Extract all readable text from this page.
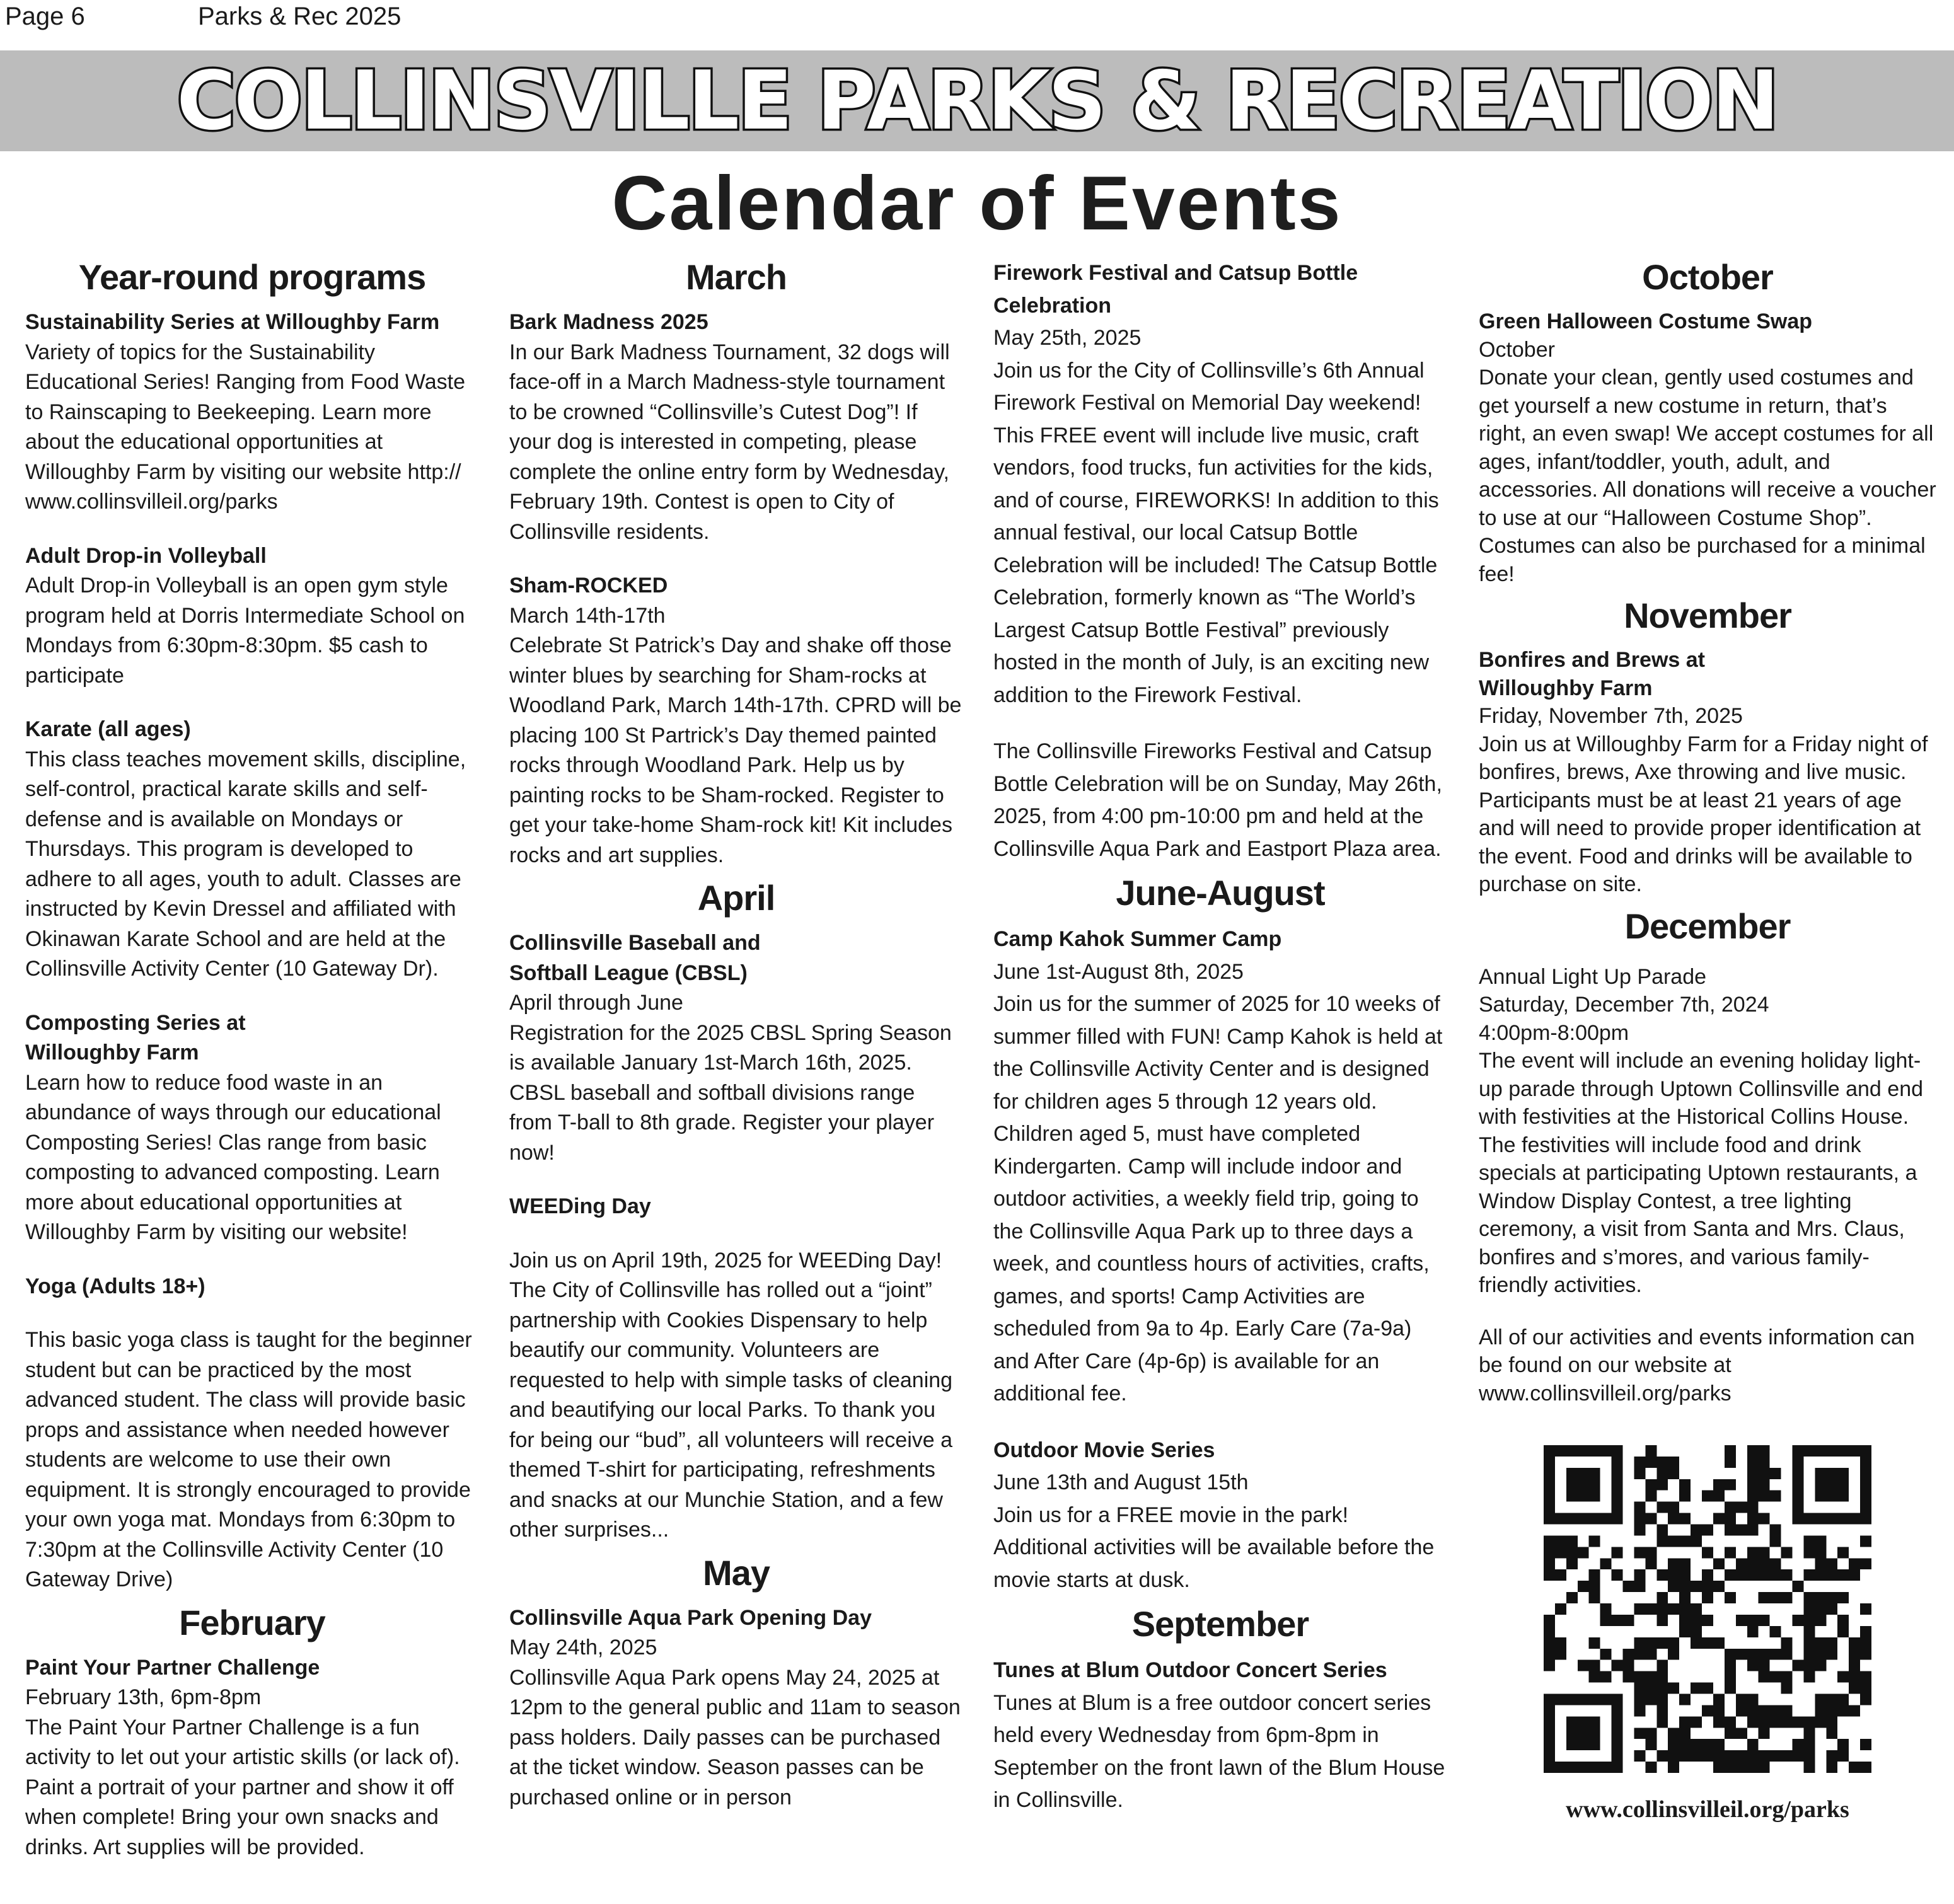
Page 6	Parks & Rec 2025
COLLINSVILLE PARKS & RECREATION
Calendar of Events
Year-round programs
Sustainability Series at Willoughby Farm
Variety of topics for the Sustainability Educational Series! Ranging from Food Waste to Rainscaping to Beekeeping. Learn more about the educational opportunities at Willoughby Farm by visiting our website http:// www.collinsvilleil.org/parks
Adult Drop-in Volleyball
Adult Drop-in Volleyball is an open gym style program held at Dorris Intermediate School on Mondays from 6:30pm-8:30pm. $5 cash to participate
Karate (all ages)
This class teaches movement skills, discipline, self-control, practical karate skills and self-defense and is available on Mondays or Thursdays. This program is developed to adhere to all ages, youth to adult. Classes are instructed by Kevin Dressel and affiliated with Okinawan Karate School and are held at the Collinsville Activity Center (10 Gateway Dr).
Composting Series at Willoughby Farm
Learn how to reduce food waste in an abundance of ways through our educational Composting Series! Clas range from basic composting to advanced composting. Learn more about educational opportunities at Willoughby Farm by visiting our website!
Yoga (Adults 18+)
This basic yoga class is taught for the beginner student but can be practiced by the most advanced student. The class will provide basic props and assistance when needed however students are welcome to use their own equipment. It is strongly encouraged to provide your own yoga mat. Mondays from 6:30pm to 7:30pm at the Collinsville Activity Center (10 Gateway Drive)
February
Paint Your Partner Challenge
February 13th, 6pm-8pm
The Paint Your Partner Challenge is a fun activity to let out your artistic skills (or lack of). Paint a portrait of your partner and show it off when complete! Bring your own snacks and drinks. Art supplies will be provided.
March
Bark Madness 2025
In our Bark Madness Tournament, 32 dogs will face-off in a March Madness-style tournament to be crowned “Collinsville’s Cutest Dog”! If your dog is interested in competing, please complete the online entry form by Wednesday, February 19th. Contest is open to City of Collinsville residents.
Sham-ROCKED
March 14th-17th
Celebrate St Patrick’s Day and shake off those winter blues by searching for Sham-rocks at Woodland Park, March 14th-17th. CPRD will be placing 100 St Partrick’s Day themed painted rocks through Woodland Park. Help us by painting rocks to be Sham-rocked. Register to get your take-home Sham-rock kit! Kit includes rocks and art supplies.
April
Collinsville Baseball and Softball League (CBSL)
April through June
Registration for the 2025 CBSL Spring Season is available January 1st-March 16th, 2025. CBSL baseball and softball divisions range from T-ball to 8th grade. Register your player now!
WEEDing Day
Join us on April 19th, 2025 for WEEDing Day! The City of Collinsville has rolled out a “joint” partnership with Cookies Dispensary to help beautify our community. Volunteers are requested to help with simple tasks of cleaning and beautifying our local Parks. To thank you for being our “bud”, all volunteers will receive a themed T-shirt for participating, refreshments and snacks at our Munchie Station, and a few other surprises...
May
Collinsville Aqua Park Opening Day
May 24th, 2025
Collinsville Aqua Park opens May 24, 2025 at 12pm to the general public and 11am to season pass holders. Daily passes can be purchased at the ticket window. Season passes can be purchased online or in person
Firework Festival and Catsup Bottle Celebration
May 25th, 2025
Join us for the City of Collinsville’s 6th Annual Firework Festival on Memorial Day weekend! This FREE event will include live music, craft vendors, food trucks, fun activities for the kids, and of course, FIREWORKS! In addition to this annual festival, our local Catsup Bottle Celebration will be included! The Catsup Bottle Celebration, formerly known as “The World’s Largest Catsup Bottle Festival” previously hosted in the month of July, is an exciting new addition to the Firework Festival.
The Collinsville Fireworks Festival and Catsup Bottle Celebration will be on Sunday, May 26th, 2025, from 4:00 pm-10:00 pm and held at the Collinsville Aqua Park and Eastport Plaza area.
June-August
Camp Kahok Summer Camp
June 1st-August 8th, 2025
Join us for the summer of 2025 for 10 weeks of summer filled with FUN! Camp Kahok is held at the Collinsville Activity Center and is designed for children ages 5 through 12 years old. Children aged 5, must have completed Kindergarten. Camp will include indoor and outdoor activities, a weekly field trip, going to the Collinsville Aqua Park up to three days a week, and countless hours of activities, crafts, games, and sports! Camp Activities are scheduled from 9a to 4p. Early Care (7a-9a) and After Care (4p-6p) is available for an additional fee.
Outdoor Movie Series
June 13th and August 15th
Join us for a FREE movie in the park! Additional activities will be available before the movie starts at dusk.
September
Tunes at Blum Outdoor Concert Series
Tunes at Blum is a free outdoor concert series held every Wednesday from 6pm-8pm in September on the front lawn of the Blum House in Collinsville.
October
Green Halloween Costume Swap
October
Donate your clean, gently used costumes and get yourself a new costume in return, that’s right, an even swap! We accept costumes for all ages, infant/toddler, youth, adult, and accessories. All donations will receive a voucher to use at our “Halloween Costume Shop”. Costumes can also be purchased for a minimal fee!
November
Bonfires and Brews at Willoughby Farm
Friday, November 7th, 2025
Join us at Willoughby Farm for a Friday night of bonfires, brews, Axe throwing and live music. Participants must be at least 21 years of age and will need to provide proper identification at the event. Food and drinks will be available to purchase on site.
December
Annual Light Up Parade
Saturday, December 7th, 2024
4:00pm-8:00pm
The event will include an evening holiday light-up parade through Uptown Collinsville and end with festivities at the Historical Collins House. The festivities will include food and drink specials at participating Uptown restaurants, a Window Display Contest, a tree lighting ceremony, a visit from Santa and Mrs. Claus, bonfires and s’mores, and various family-friendly activities.
All of our activities and events information can be found on our website at www.collinsvilleil.org/parks
www.collinsvilleil.org/parks
